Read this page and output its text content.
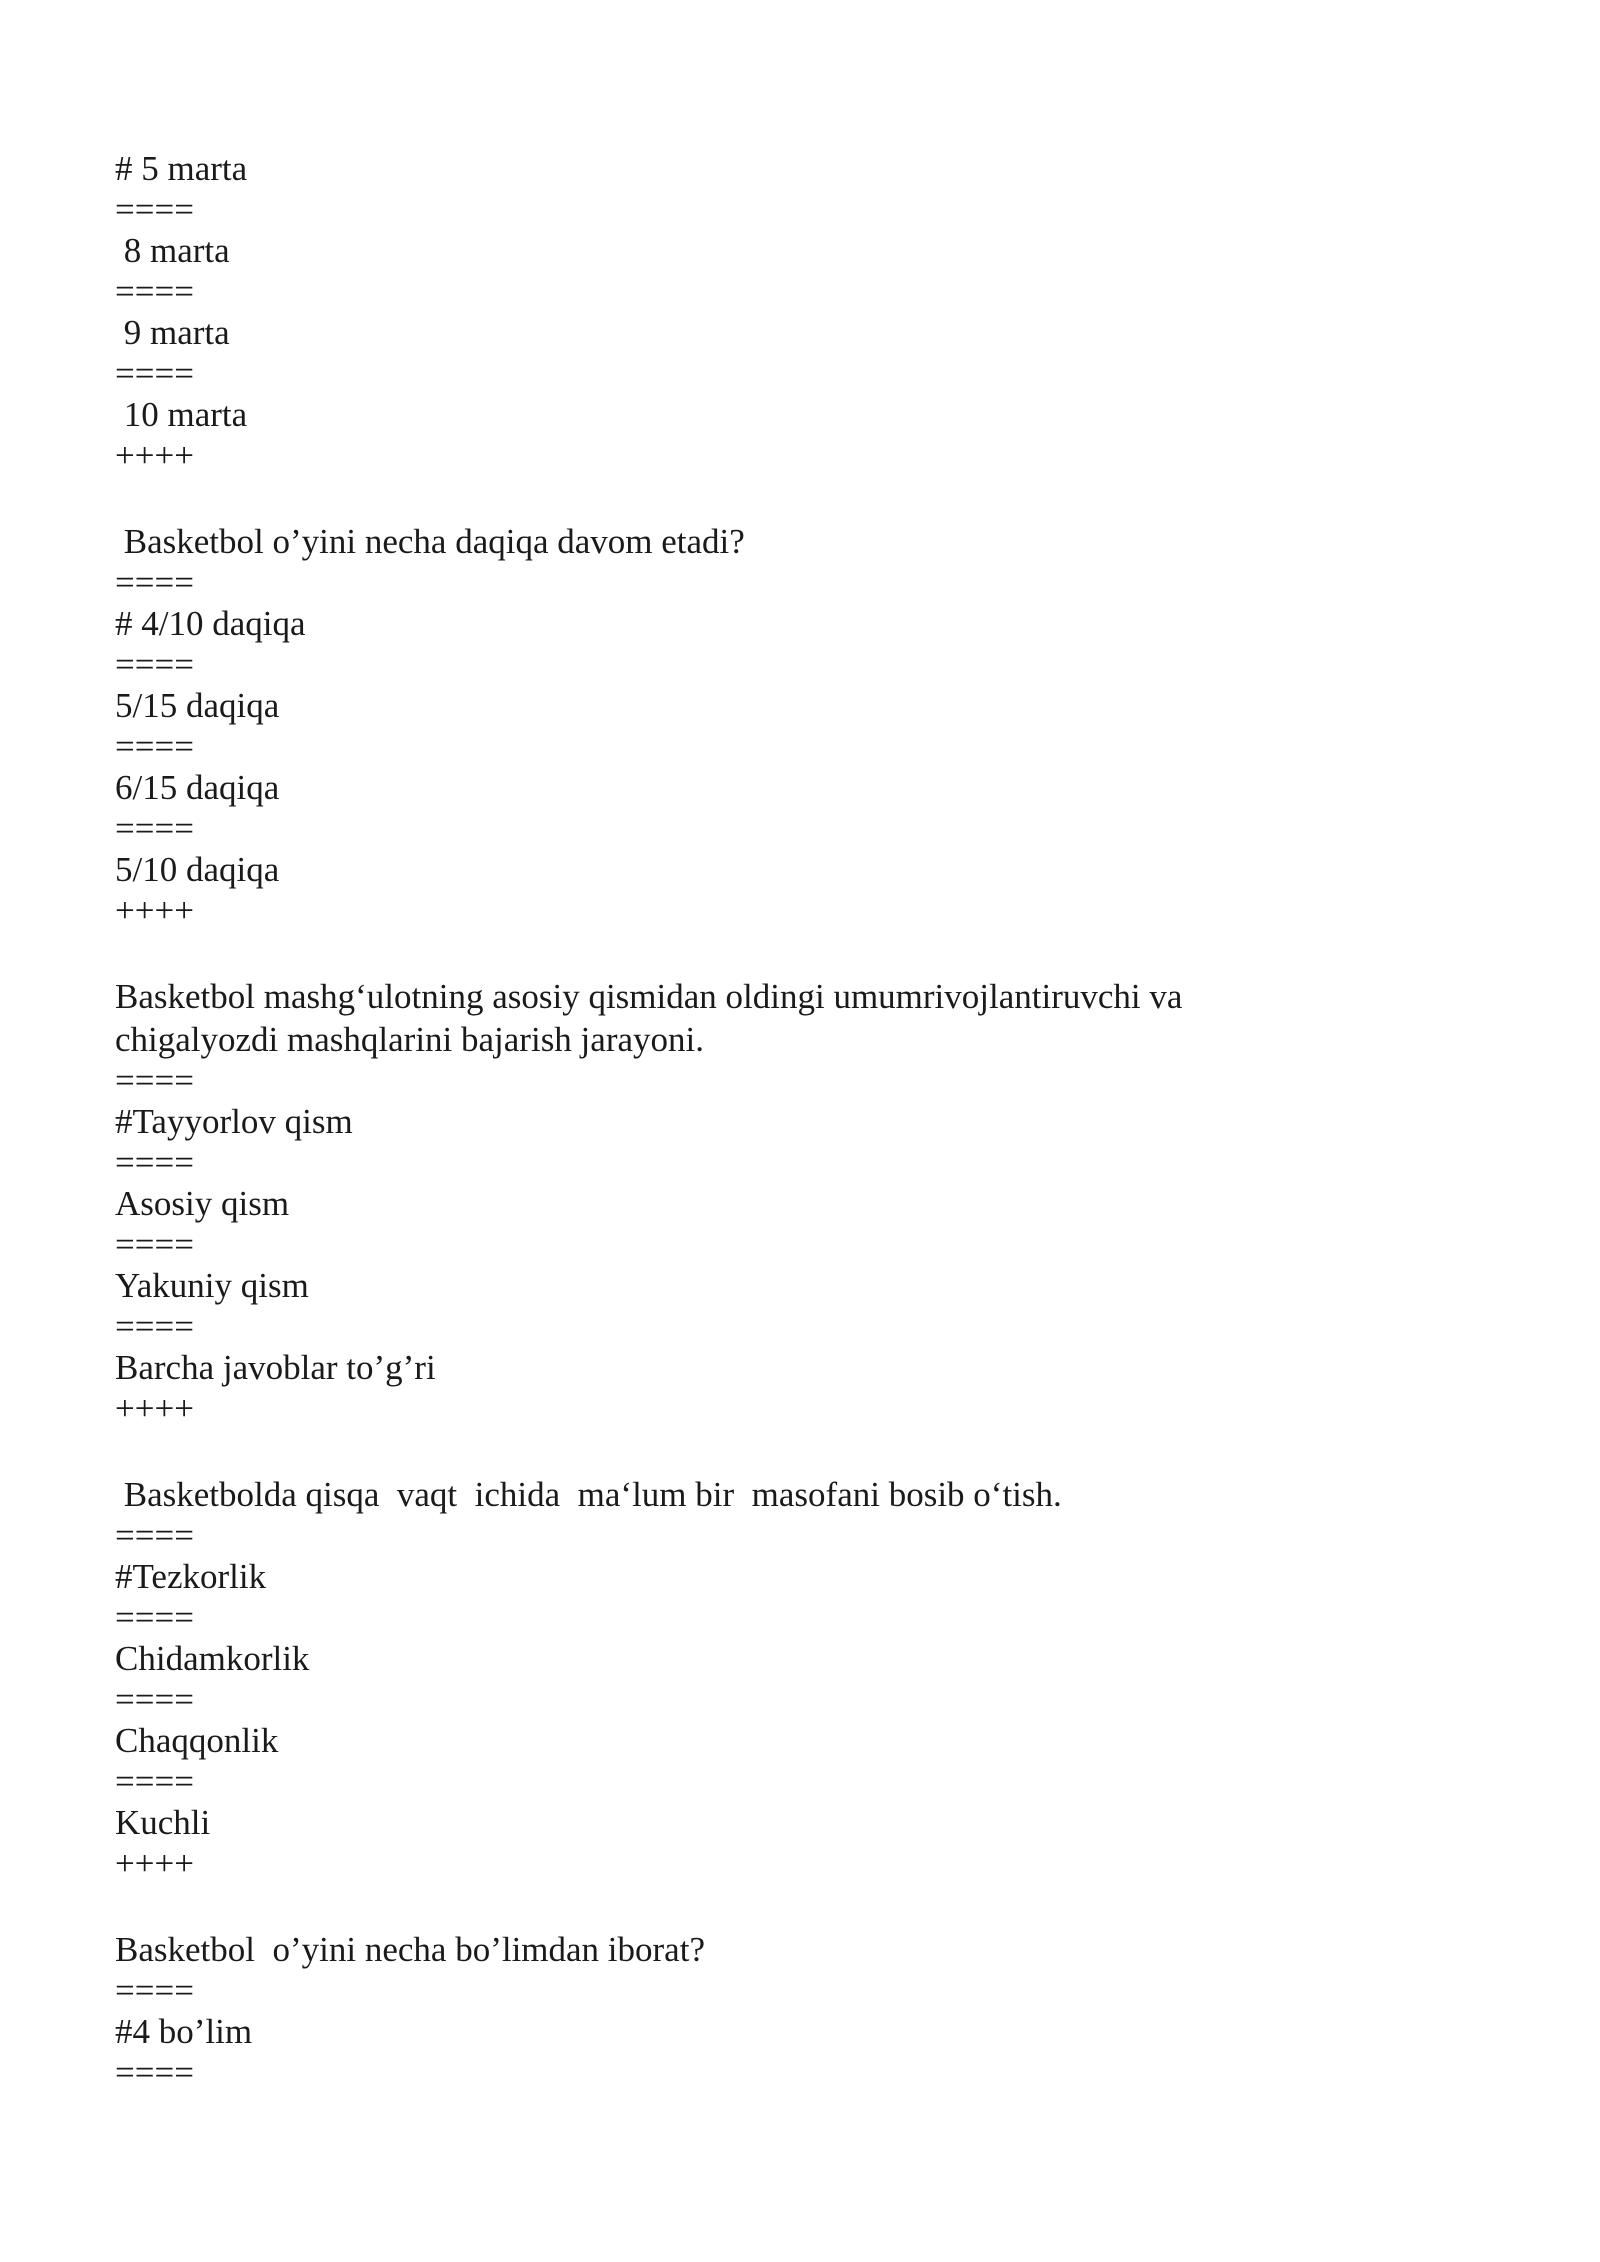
# 5 marta
====
8 marta
====
9 marta
====
10 marta
++++
Basketbol o’yini necha daqiqa davom etadi?
====
# 4/10 daqiqa
====
5/15 daqiqa
====
6/15 daqiqa
====
5/10 daqiqa
++++
Basketbol mashg‘ulotning asosiy qismidan oldingi umumrivojlantiruvchi va chigalyozdi mashqlarini bajarish jarayoni.
====
#Tayyorlov qism
====
Asosiy qism
====
Yakuniy qism
====
Barcha javoblar to’g’ri
++++
Basketbolda qisqa  vaqt  ichida  ma‘lum bir  masofani bosib o‘tish.
====
#Tezkorlik
====
Chidamkorlik
====
Chaqqonlik
====
Kuchli
++++
Basketbol  o’yini necha bo’limdan iborat?
====
#4 bo’lim
====
